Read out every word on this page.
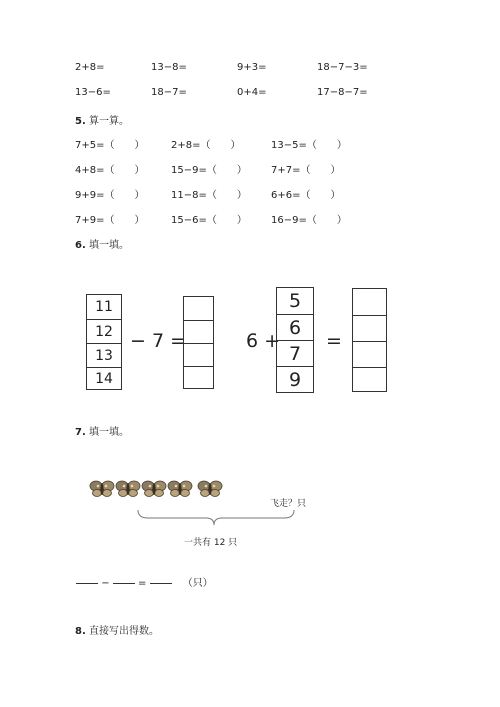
2+8=	13−8=	9+3=	18−7−3=
13−6=	18−7=	0+4=	17−8−7=
5. 算一算。
7+5=（　　）	2+8=（　　）	13−5=（　　）
4+8=（　　）	15−9=（　　） 7+7=（　　）
9+9=（　　）	11−8=（　　） 6+6=（　　）
7+9=（　　）	15−6=（　　） 16−9=（　　）
6. 填一填。
11
12
13
14
− 7 =	6 +
5
6
7
9
=
7. 填一填。
飞走？只
一共有 12 只
−	=	（只）
8. 直接写出得数。
